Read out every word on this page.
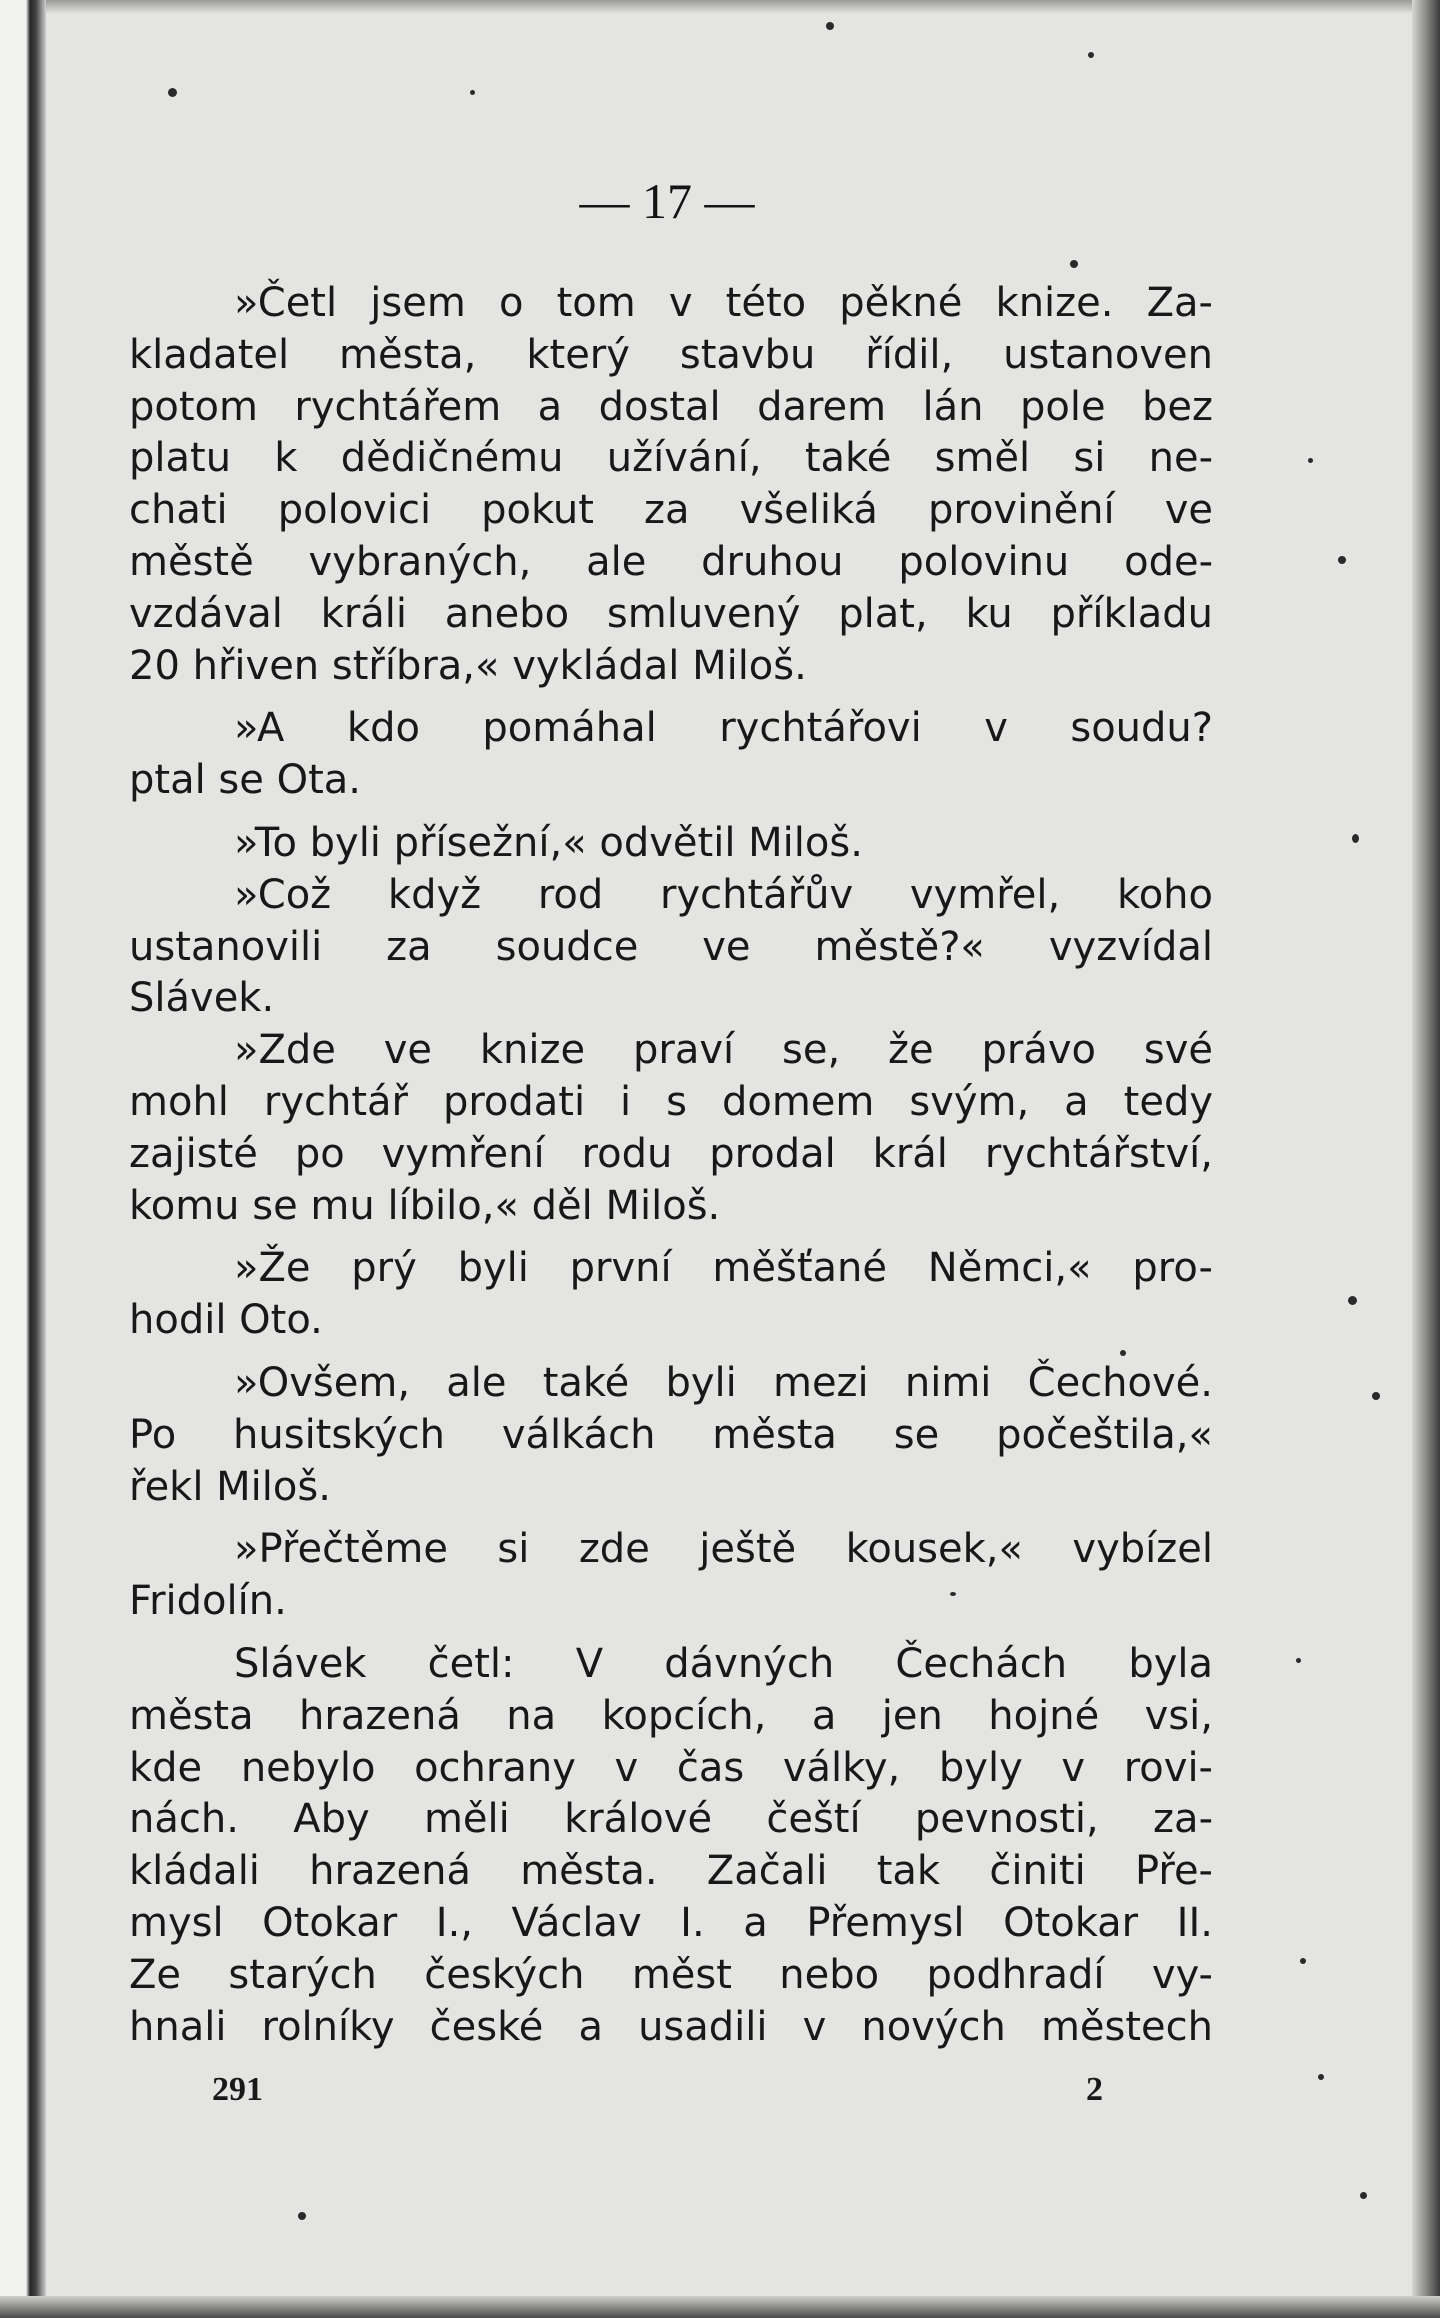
— 17 —
»Četl jsem o tom v této pěkné knize. Za-
kladatel města, který stavbu řídil, ustanoven
potom rychtářem a dostal darem lán pole bez
platu k dědičnému užívání, také směl si ne-
chati polovici pokut za všeliká provinění ve
městě vybraných, ale druhou polovinu ode-
vzdával králi anebo smluvený plat, ku příkladu
20 hřiven stříbra,« vykládal Miloš.
»A kdo pomáhal rychtářovi v soudu?
ptal se Ota.
»To byli přísežní,« odvětil Miloš.
»Což když rod rychtářův vymřel, koho
ustanovili za soudce ve městě?« vyzvídal
Slávek.
»Zde ve knize praví se, že právo své
mohl rychtář prodati i s domem svým, a tedy
zajisté po vymření rodu prodal král rychtářství,
komu se mu líbilo,« děl Miloš.
»Že prý byli první měšťané Němci,« pro-
hodil Oto.
»Ovšem, ale také byli mezi nimi Čechové.
Po husitských válkách města se počeštila,«
řekl Miloš.
»Přečtěme si zde ještě kousek,« vybízel
Fridolín.
Slávek četl: V dávných Čechách byla
města hrazená na kopcích, a jen hojné vsi,
kde nebylo ochrany v čas války, byly v rovi-
nách. Aby měli králové čeští pevnosti, za-
kládali hrazená města. Začali tak činiti Pře-
mysl Otokar I., Václav I. a Přemysl Otokar II.
Ze starých českých měst nebo podhradí vy-
hnali rolníky české a usadili v nových městech
291	2
